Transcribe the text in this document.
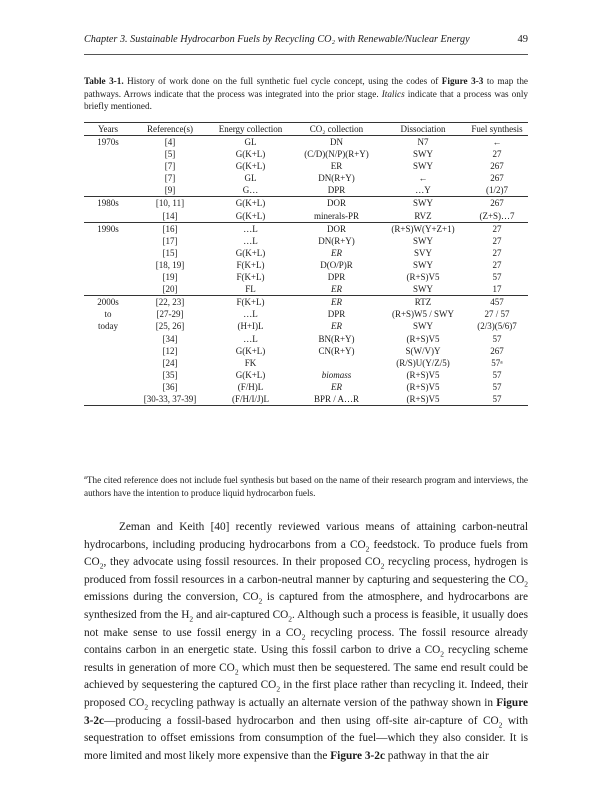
Chapter 3. Sustainable Hydrocarbon Fuels by Recycling CO₂ with Renewable/Nuclear Energy	49
Table 3-1. History of work done on the full synthetic fuel cycle concept, using the codes of Figure 3-3 to map the pathways. Arrows indicate that the process was integrated into the prior stage. Italics indicate that a process was only briefly mentioned.
Years	Reference(s)	Energy collection	CO₂ collection	Dissociation	Fuel synthesis
1970s	[4]	GL	DN	N7	←
	[5]	G(K+L)	(C/D)(N/P)(R+Y)	SWY	27
	[7]	G(K+L)	ER	SWY	267
	[7]	GL	DN(R+Y)	←	267
	[9]	G…	DPR	…Y	(1/2)7
1980s	[10, 11]	G(K+L)	DOR	SWY	267
	[14]	G(K+L)	minerals-PR	RVZ	(Z+S)…7
1990s	[16]	…L	DOR	(R+S)W(Y+Z+1)	27
	[17]	…L	DN(R+Y)	SWY	27
	[15]	G(K+L)	ER	SVY	27
	[18, 19]	F(K+L)	D(O/P)R	SWY	27
	[19]	F(K+L)	DPR	(R+S)V5	57
	[20]	FL	ER	SWY	17
2000s	[22, 23]	F(K+L)	ER	RTZ	457
to	[27-29]	…L	DPR	(R+S)W5 / SWY	27 / 57
today	[25, 26]	(H+I)L	ER	SWY	(2/3)(5/6)7
	[34]	…L	BN(R+Y)	(R+S)V5	57
	[12]	G(K+L)	CN(R+Y)	S(W/V)Y	267
	[24]	FK		(R/S)U(Y/Z/5)	57ᵃ
	[35]	G(K+L)	biomass	(R+S)V5	57
	[36]	(F/H)L	ER	(R+S)V5	57
	[30-33, 37-39]	(F/H/I/J)L	BPR / A…R	(R+S)V5	57
$^a$The cited reference does not include fuel synthesis but based on the name of their research program and interviews, the authors have the intention to produce liquid hydrocarbon fuels.

Zeman and Keith [40] recently reviewed various means of attaining carbon-neutral hydrocarbons, including producing hydrocarbons from a $CO_2$ feedstock. To produce fuels from $CO_2$, they advocate using fossil resources. In their proposed $CO_2$ recycling process, hydrogen is produced from fossil resources in a carbon-neutral manner by capturing and sequestering the $CO_2$ emissions during the conversion, $CO_2$ is captured from the atmosphere, and hydrocarbons are synthesized from the $H_2$ and air-captured $CO_2$. Although such a process is feasible, it usually does not make sense to use fossil energy in a $CO_2$ recycling process. The fossil resource already contains carbon in an energetic state. Using this fossil carbon to drive a $CO_2$ recycling scheme results in generation of more $CO_2$ which must then be sequestered. The same end result could be achieved by sequestering the captured $CO_2$ in the first place rather than recycling it. Indeed, their proposed $CO_2$ recycling pathway is actually an alternate version of the pathway shown in Figure 3-2c—producing a fossil-based hydrocarbon and then using off-site air-capture of $CO_2$ with sequestration to offset emissions from consumption of the fuel—which they also consider. It is more limited and most likely more expensive than the Figure 3-2c pathway in that the air
